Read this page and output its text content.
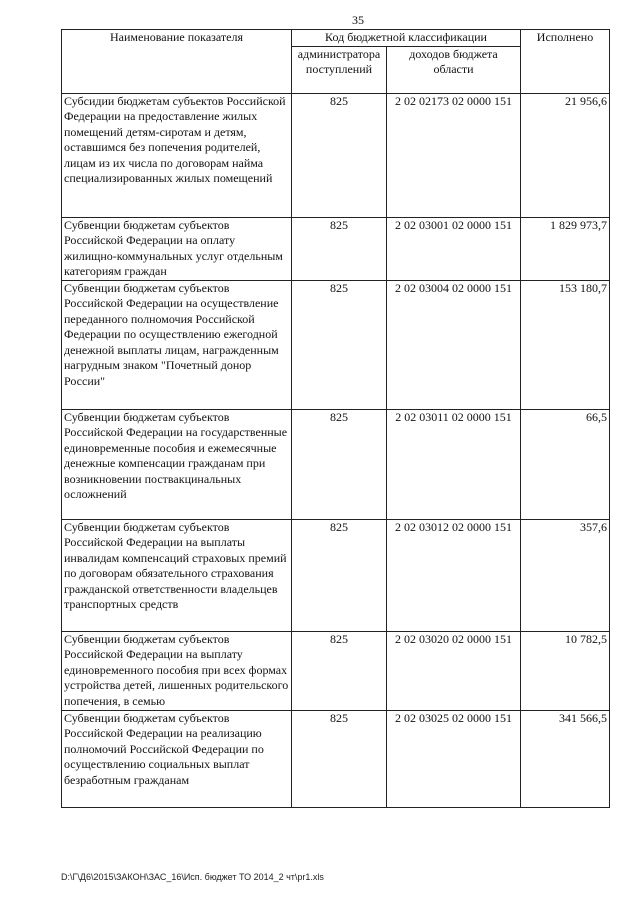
35
Наименование показателя	Код бюджетной классификации		Исполнено
	администратора поступлений	доходов бюджета области	
Субсидии бюджетам субъектов Российской Федерации на предоставление жилых помещений детям-сиротам и детям, оставшимся без попечения родителей, лицам из их числа по договорам найма специализированных жилых помещений	825	2 02 02173 02 0000 151	21 956,6
Субвенции бюджетам субъектов Российской Федерации на оплату жилищно-коммунальных услуг отдельным категориям граждан	825	2 02 03001 02 0000 151	1 829 973,7
Субвенции бюджетам субъектов Российской Федерации на осуществление переданного полномочия Российской Федерации по осуществлению ежегодной денежной выплаты лицам, награжденным нагрудным знаком "Почетный донор России"	825	2 02 03004 02 0000 151	153 180,7
Субвенции бюджетам субъектов Российской Федерации на государственные единовременные пособия и ежемесячные денежные компенсации гражданам при возникновении поствакцинальных осложнений	825	2 02 03011 02 0000 151	66,5
Субвенции бюджетам субъектов Российской Федерации на выплаты инвалидам компенсаций страховых премий по договорам обязательного страхования гражданской ответственности владельцев транспортных средств	825	2 02 03012 02 0000 151	357,6
Субвенции бюджетам субъектов Российской Федерации на выплату единовременного пособия при всех формах устройства детей, лишенных родительского попечения, в семью	825	2 02 03020 02 0000 151	10 782,5
Субвенции бюджетам субъектов Российской Федерации на реализацию полномочий Российской Федерации по осуществлению социальных выплат безработным гражданам	825	2 02 03025 02 0000 151	341 566,5
D:\Г\Д6\2015\ЗАКОН\ЗАС_16\Исп. бюджет ТО 2014_2 чт\pr1.xls
